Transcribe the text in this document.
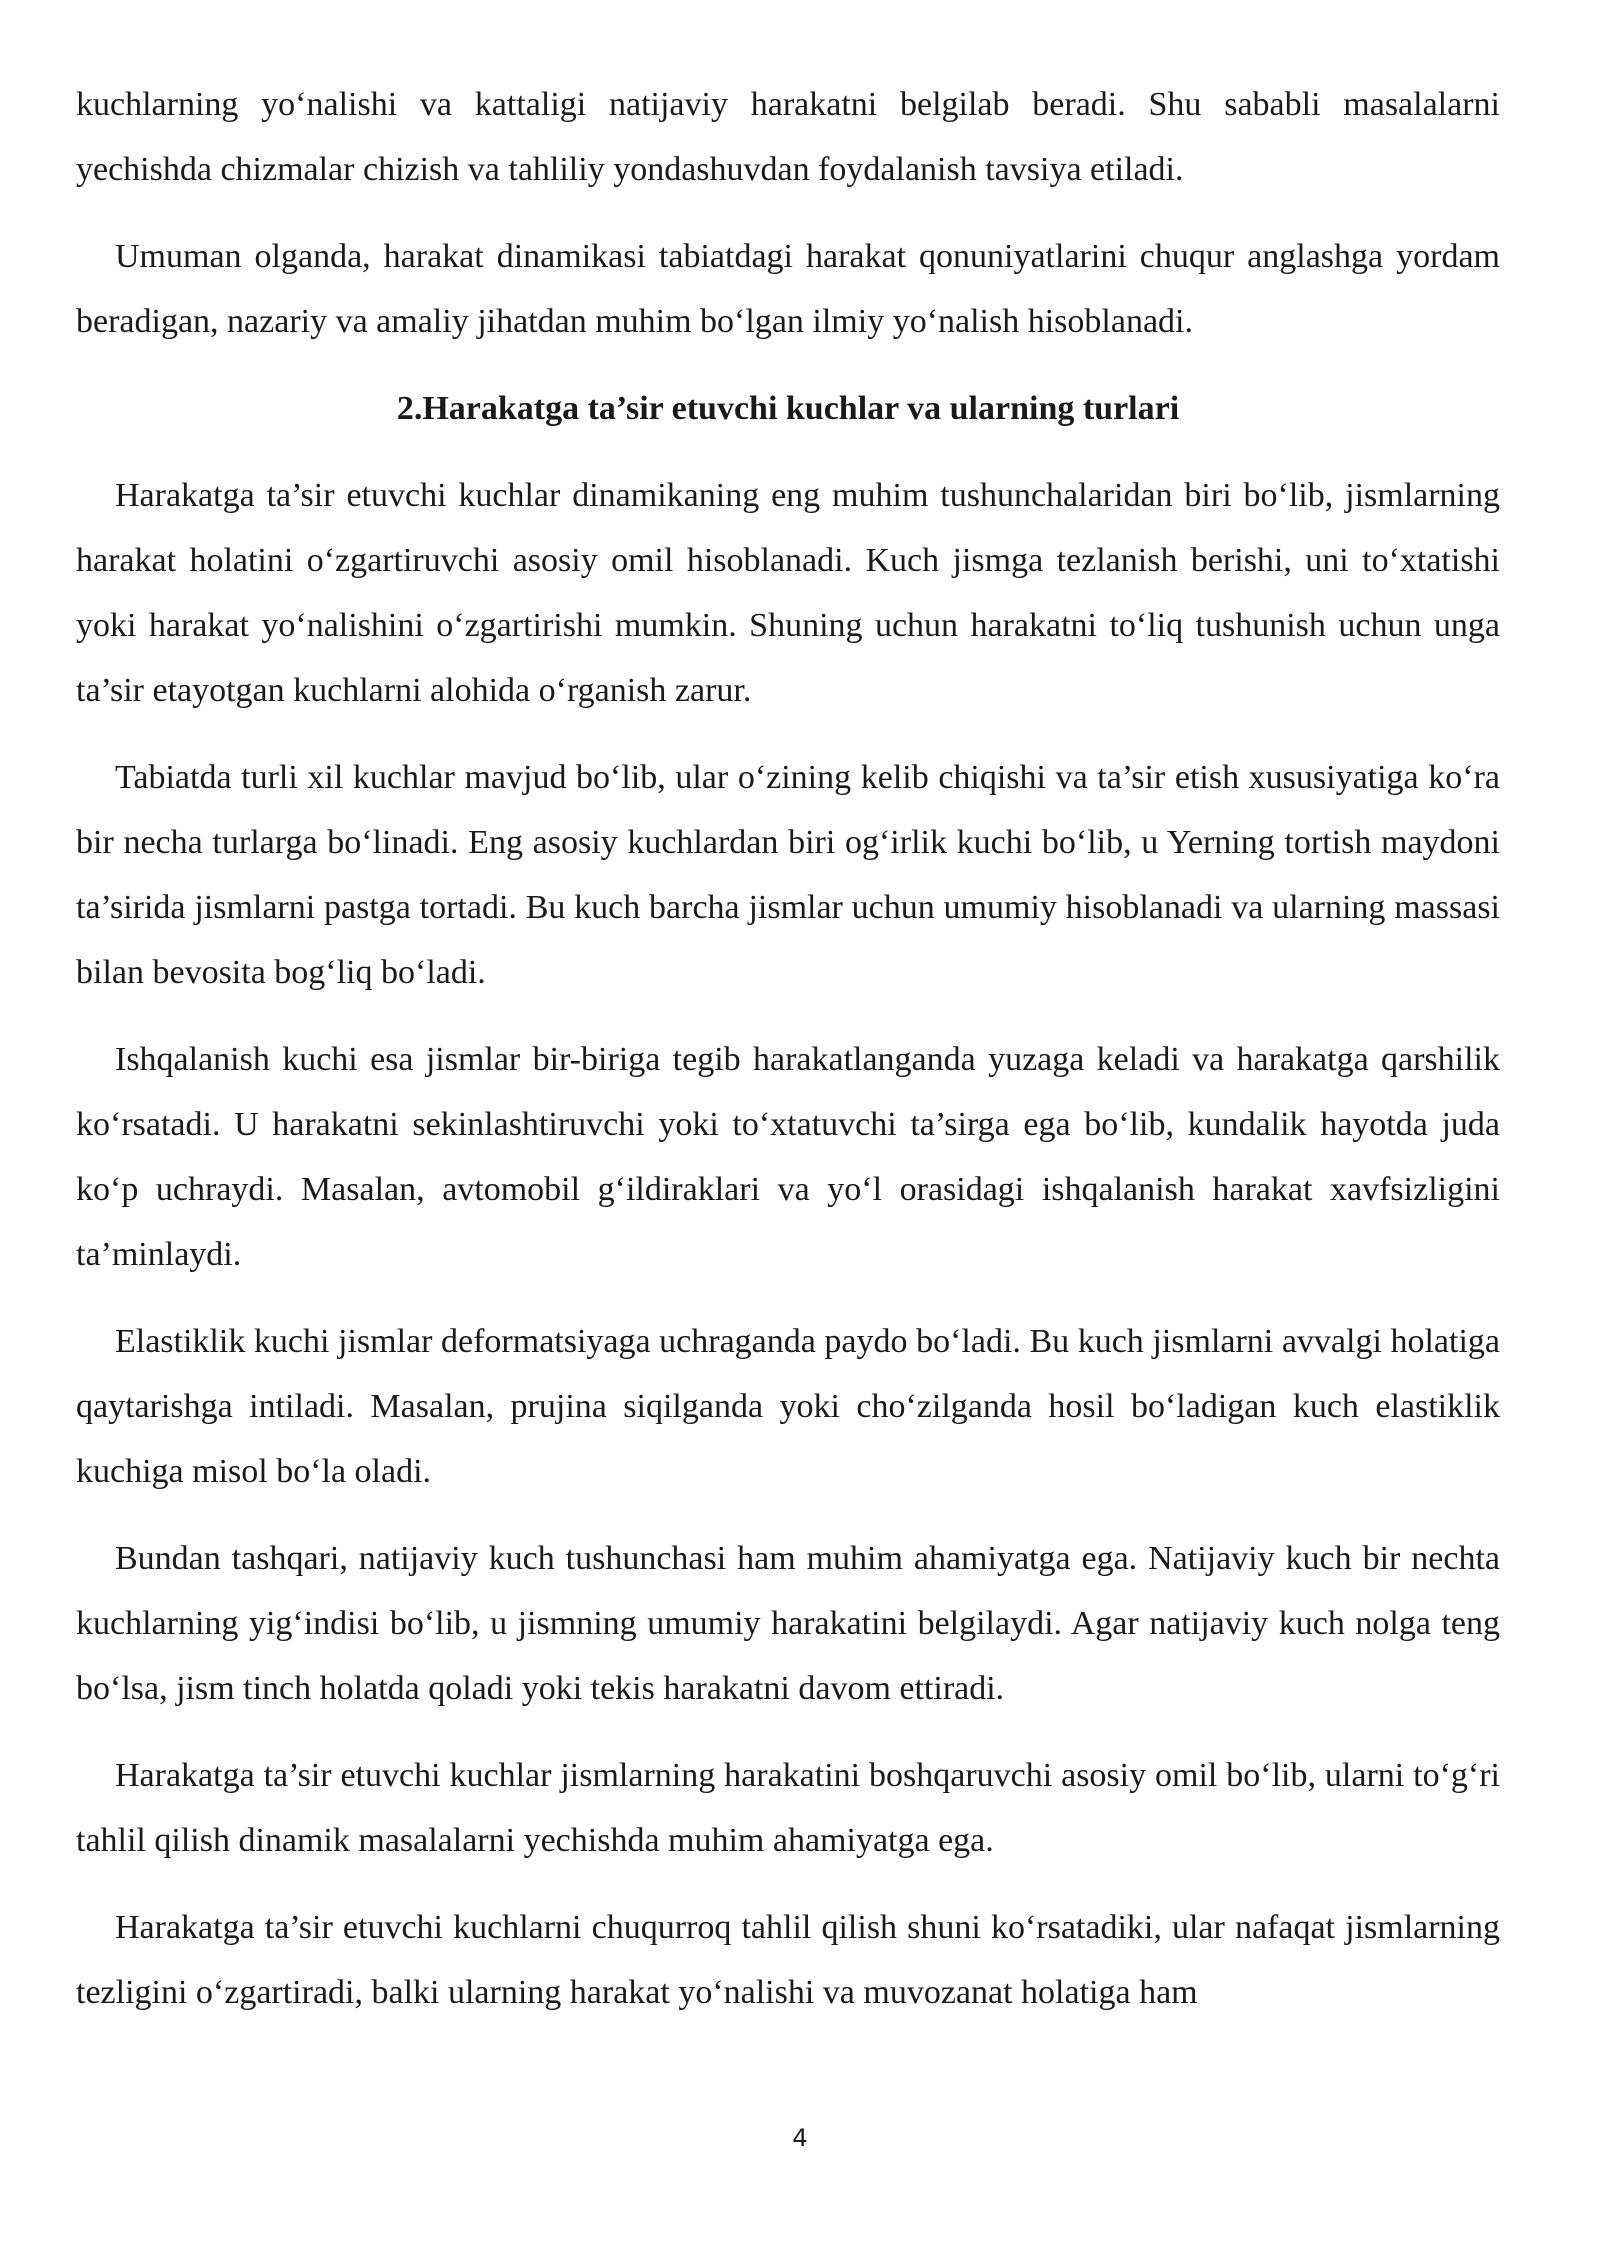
kuchlarning yo‘nalishi va kattaligi natijaviy harakatni belgilab beradi. Shu sababli masalalarni yechishda chizmalar chizish va tahliliy yondashuvdan foydalanish tavsiya etiladi.

Umuman olganda, harakat dinamikasi tabiatdagi harakat qonuniyatlarini chuqur anglashga yordam beradigan, nazariy va amaliy jihatdan muhim bo‘lgan ilmiy yo‘nalish hisoblanadi.

2.Harakatga ta’sir etuvchi kuchlar va ularning turlari

Harakatga ta’sir etuvchi kuchlar dinamikaning eng muhim tushunchalaridan biri bo‘lib, jismlarning harakat holatini o‘zgartiruvchi asosiy omil hisoblanadi. Kuch jismga tezlanish berishi, uni to‘xtatishi yoki harakat yo‘nalishini o‘zgartirishi mumkin. Shuning uchun harakatni to‘liq tushunish uchun unga ta’sir etayotgan kuchlarni alohida o‘rganish zarur.

Tabiatda turli xil kuchlar mavjud bo‘lib, ular o‘zining kelib chiqishi va ta’sir etish xususiyatiga ko‘ra bir necha turlarga bo‘linadi. Eng asosiy kuchlardan biri og‘irlik kuchi bo‘lib, u Yerning tortish maydoni ta’sirida jismlarni pastga tortadi. Bu kuch barcha jismlar uchun umumiy hisoblanadi va ularning massasi bilan bevosita bog‘liq bo‘ladi.

Ishqalanish kuchi esa jismlar bir-biriga tegib harakatlanganda yuzaga keladi va harakatga qarshilik ko‘rsatadi. U harakatni sekinlashtiruvchi yoki to‘xtatuvchi ta’sirga ega bo‘lib, kundalik hayotda juda ko‘p uchraydi. Masalan, avtomobil g‘ildiraklari va yo‘l orasidagi ishqalanish harakat xavfsizligini ta’minlaydi.

Elastiklik kuchi jismlar deformatsiyaga uchraganda paydo bo‘ladi. Bu kuch jismlarni avvalgi holatiga qaytarishga intiladi. Masalan, prujina siqilganda yoki cho‘zilganda hosil bo‘ladigan kuch elastiklik kuchiga misol bo‘la oladi.

Bundan tashqari, natijaviy kuch tushunchasi ham muhim ahamiyatga ega. Natijaviy kuch bir nechta kuchlarning yig‘indisi bo‘lib, u jismning umumiy harakatini belgilaydi. Agar natijaviy kuch nolga teng bo‘lsa, jism tinch holatda qoladi yoki tekis harakatni davom ettiradi.

Harakatga ta’sir etuvchi kuchlar jismlarning harakatini boshqaruvchi asosiy omil bo‘lib, ularni to‘g‘ri tahlil qilish dinamik masalalarni yechishda muhim ahamiyatga ega.

Harakatga ta’sir etuvchi kuchlarni chuqurroq tahlil qilish shuni ko‘rsatadiki, ular nafaqat jismlarning tezligini o‘zgartiradi, balki ularning harakat yo‘nalishi va muvozanat holatiga ham

4
